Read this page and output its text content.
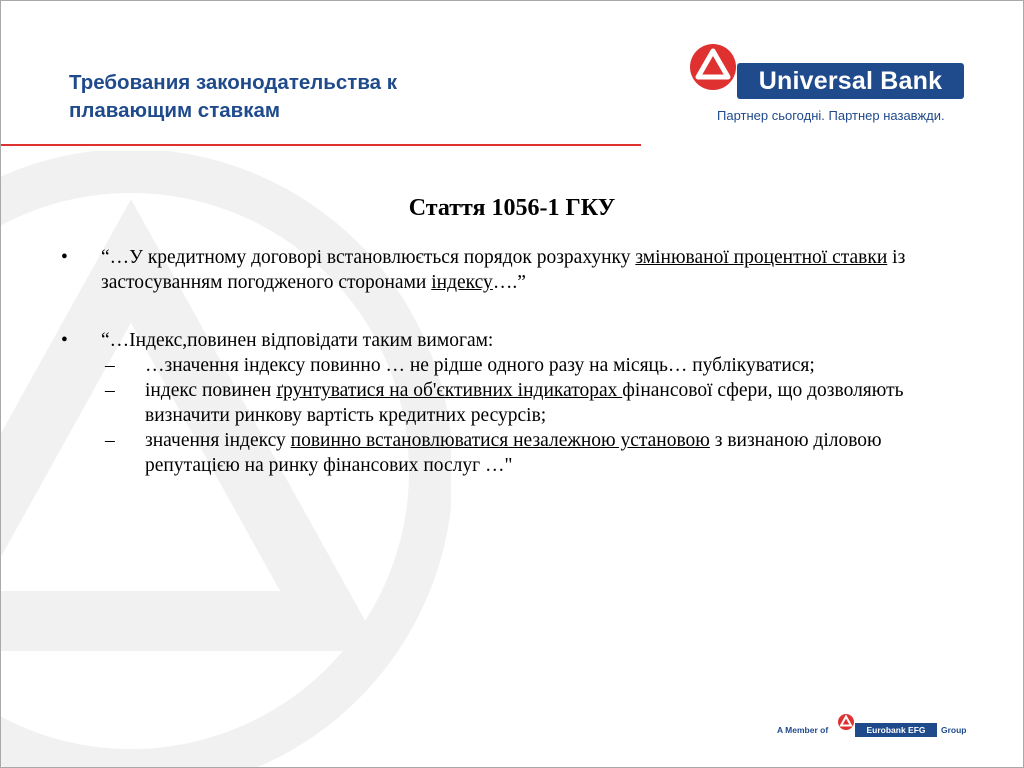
Требования законодательства к
плавающим ставкам
Universal Bank
Партнер сьогодні. Партнер назавжди.
Стаття 1056-1 ГКУ
• “…У кредитному договорі встановлюється порядок розрахунку змінюваної процентної ставки із застосуванням погодженого сторонами індексу….”
• “…Індекс,повинен відповідати таким вимогам:
– …значення індексу повинно … не рідше одного разу на місяць… публікуватися;
– індекс повинен ґрунтуватися на об'єктивних індикаторах фінансової сфери, що дозволяють визначити ринкову вартість кредитних ресурсів;
– значення індексу повинно встановлюватися незалежною установою з визнаною діловою репутацією на ринку фінансових послуг …"
A Member of	Eurobank EFG	Group
